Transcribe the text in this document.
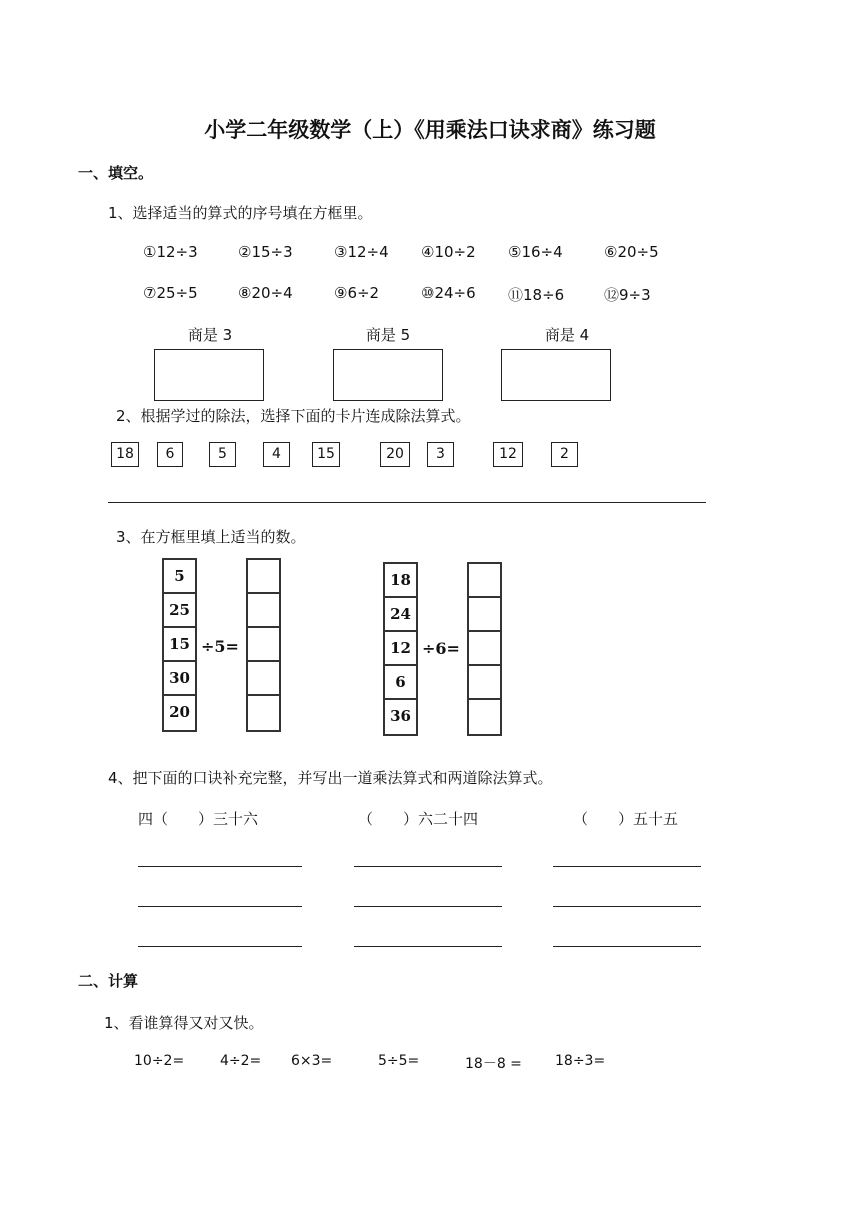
小学二年级数学（上）《用乘法口诀求商》练习题
一、填空。
1、选择适当的算式的序号填在方框里。
①12÷3	②15÷3	③12÷4 ④10÷2 ⑤16÷4	⑥20÷5
⑦25÷5	⑧20÷4	⑨6÷2	⑩24÷6 ⑪18÷6	⑫9÷3
商是 3	商是 5	商是 4
2、根据学过的除法，选择下面的卡片连成除法算式。
18	6	5	4	15	20	3	12	2
3、在方框里填上适当的数。
5
25
15
30
20
÷5=
18
24
12
6
36
÷6=
4、把下面的口诀补充完整，并写出一道乘法算式和两道除法算式。
四（　　）三十六	（　　）六二十四	（　　）五十五
二、计算
1、看谁算得又对又快。
10÷2=	4÷2= 6×3=	5÷5=	18－8 = 18÷3=
